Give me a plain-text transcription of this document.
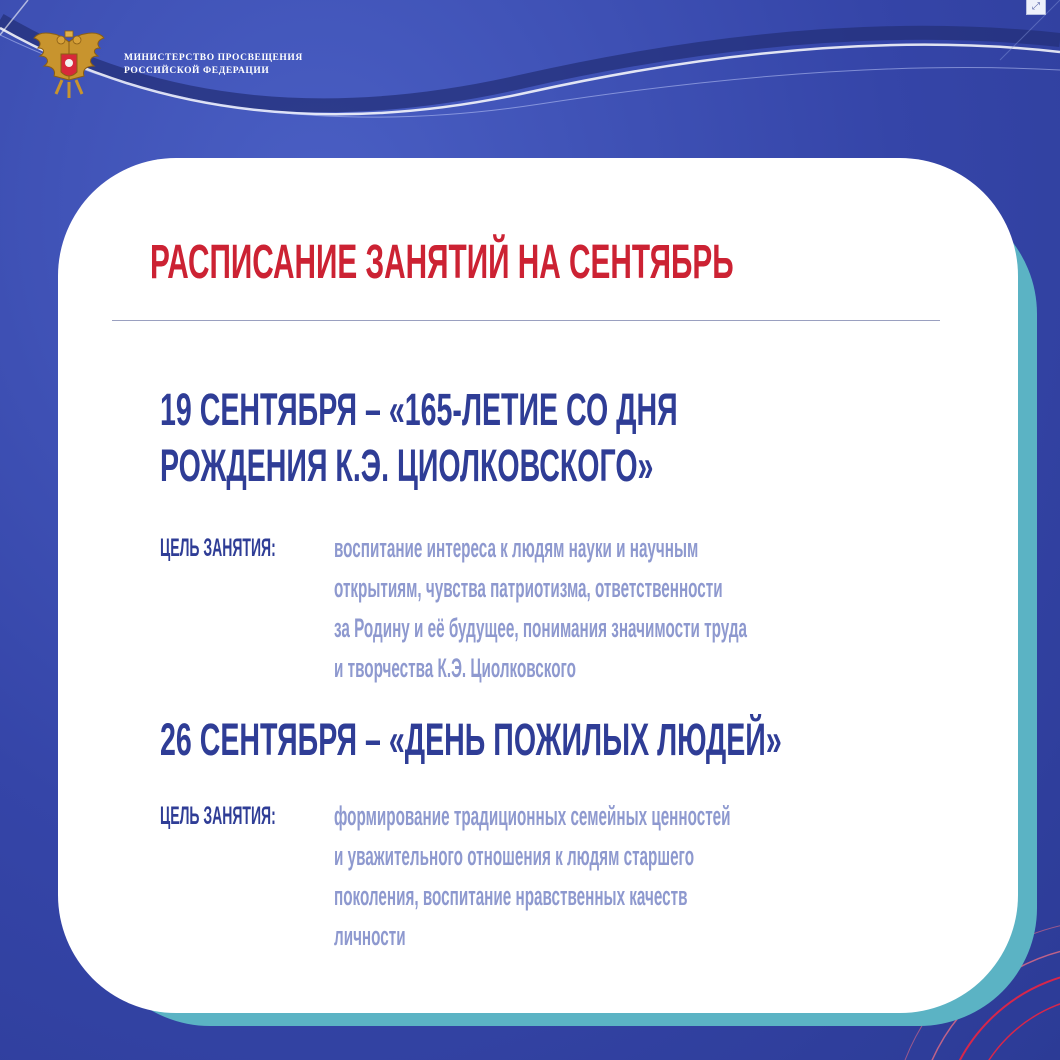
⤢
МИНИСТЕРСТВО ПРОСВЕЩЕНИЯ
РОССИЙСКОЙ ФЕДЕРАЦИИ
РАСПИСАНИЕ ЗАНЯТИЙ НА СЕНТЯБРЬ
19 СЕНТЯБРЯ – «165-ЛЕТИЕ СО ДНЯ
РОЖДЕНИЯ К.Э. ЦИОЛКОВСКОГО»
ЦЕЛЬ ЗАНЯТИЯ: воспитание интереса к людям науки и научным
открытиям, чувства патриотизма, ответственности
за Родину и её будущее, понимания значимости труда
и творчества К.Э. Циолковского
26 СЕНТЯБРЯ – «ДЕНЬ ПОЖИЛЫХ ЛЮДЕЙ»
ЦЕЛЬ ЗАНЯТИЯ: формирование традиционных семейных ценностей
и уважительного отношения к людям старшего
поколения, воспитание нравственных качеств
личности
